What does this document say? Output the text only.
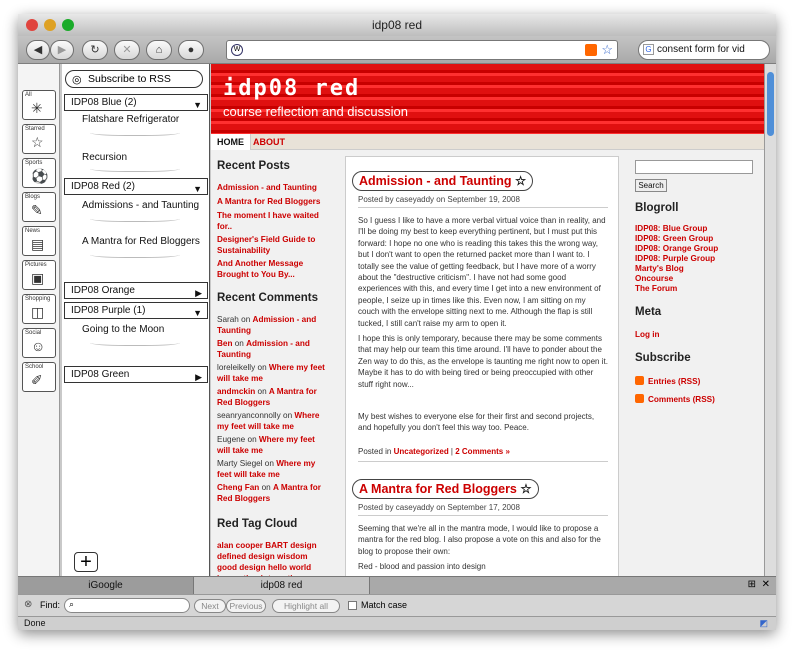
idp08 red
◀	▶	↻	✕	⌂	●	W	☆	G consent form for vid
All
✳
Starred
☆
Sports
⚽
Blogs
✎
News
▤
Pictures
▣
Shopping
◫
Social
☺
School
✐
◎ Subscribe to RSS
IDP08 Blue (2)	▼
Flatshare Refrigerator
Recursion
IDP08 Red (2)	▼
Admissions - and Taunting
A Mantra for Red Bloggers
IDP08 Orange	▶
IDP08 Purple (1)	▼
Going to the Moon
IDP08 Green	▶
+
idp08 red
course reflection and discussion
HOME	ABOUT
Recent Posts
Admission - and Taunting
A Mantra for Red Bloggers
The moment I have waited for..
Designer's Field Guide to Sustainability
And Another Message Brought to You By...
Recent Comments
Sarah on Admission - and Taunting
Ben on Admission - and Taunting
loreleikelly on Where my feet will take me
andmckin on A Mantra for Red Bloggers
seanryanconnolly on Where my feet will take me
Eugene on Where my feet will take me
Marty Siegel on Where my feet will take me
Cheng Fan on A Mantra for Red Bloggers
Red Tag Cloud
alan cooper BART design defined design wisdom good design hello world
Admission - and Taunting ☆
Posted by caseyaddy on September 19, 2008
So I guess I like to have a more verbal virtual voice than in reality, and I'll be doing my best to keep everything pertinent, but I must put this forward: I hope no one who is reading this takes this the wrong way, but I don't want to open the returned packet more than I want to. I totally see the value of getting feedback, but I have more of a worry about the "destructive criticism". I have not had some good experiences with this, and every time I get into a new environment of people, I seize up in times like this. Even now, I am sitting on my couch with the envelope sitting next to me. Although the flap is still tucked, I still can't raise my arm to open it.
I hope this is only temporary, because there may be some comments that may help our team this time around. I'll have to ponder about the Zen way to do this, as the envelope is taunting me right now to open it. Maybe it has to do with being tired or being preoccupied with other stuff right now...
My best wishes to everyone else for their first and second projects, and hopefully you don't feel this way too. Peace.
Posted in Uncategorized | 2 Comments »
A Mantra for Red Bloggers ☆
Posted by caseyaddy on September 17, 2008
Seeming that we're all in the mantra mode, I would like to propose a mantra for the red blog. I also propose a vote on this and also for the blog to propose their own:
Red - blood and passion into design
Search
Blogroll
IDP08: Blue Group
IDP08: Green Group
IDP08: Orange Group
IDP08: Purple Group
Marty's Blog
Oncourse
The Forum
Meta
Log in
Subscribe
Entries (RSS)
Comments (RSS)
iGoogle	idp08 red	⊞ ✕
⊗ Find: ⌕	Next	Previous	Highlight all	Match case
Done	◩
